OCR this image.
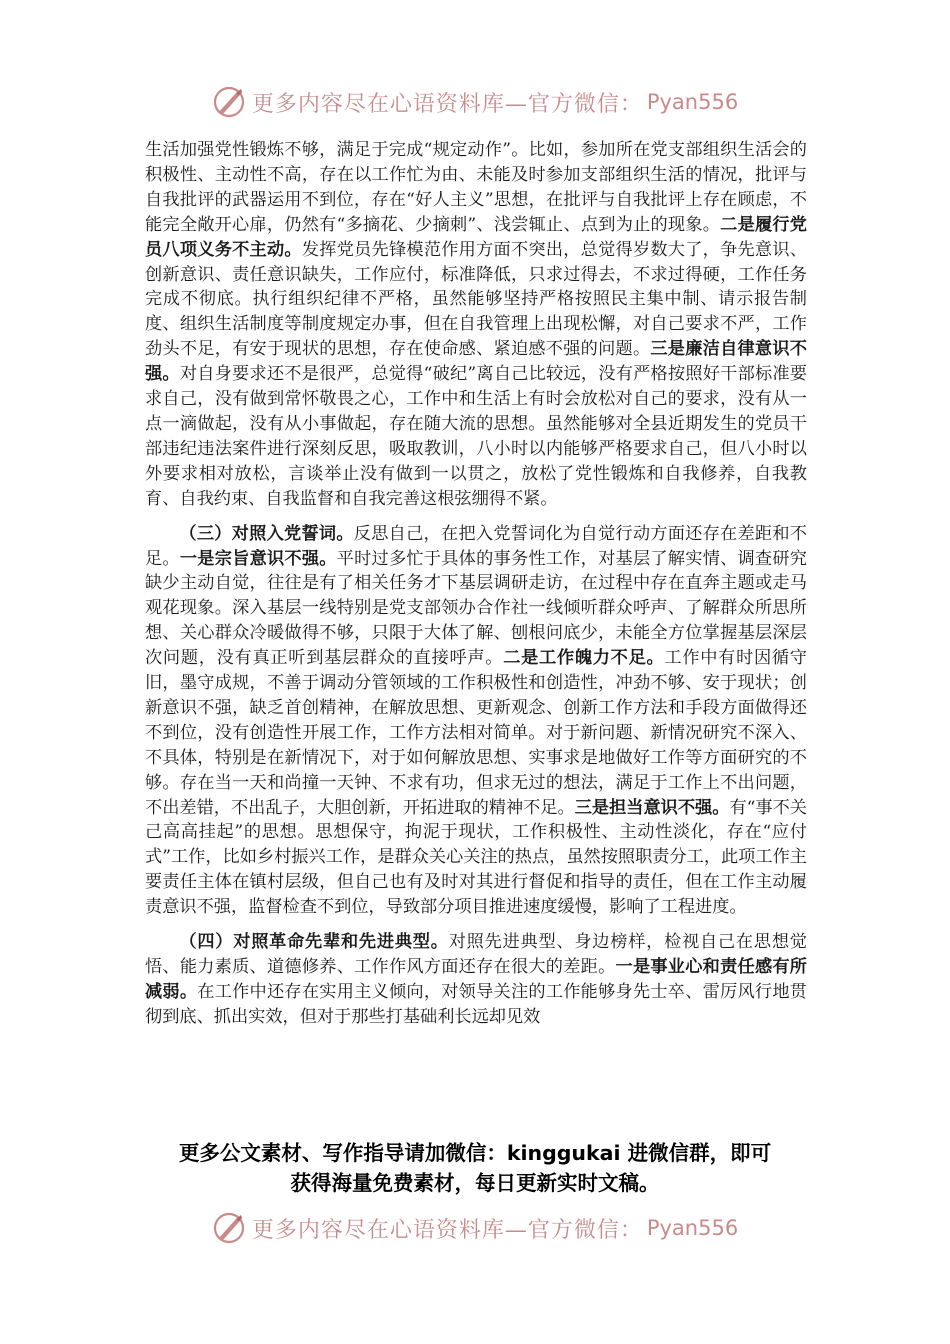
更多内容尽在心语资料库—官方微信： Pyan556

生活加强党性锻炼不够，满足于完成“规定动作”。比如，参加所在党支部组织生活会的积极性、主动性不高，存在以工作忙为由、未能及时参加支部组织生活的情况，批评与自我批评的武器运用不到位，存在“好人主义”思想，在批评与自我批评上存在顾虑，不能完全敞开心扉，仍然有“多摘花、少摘刺”、浅尝辄止、点到为止的现象。二是履行党员八项义务不主动。发挥党员先锋模范作用方面不突出，总觉得岁数大了，争先意识、创新意识、责任意识缺失，工作应付，标准降低，只求过得去，不求过得硬，工作任务完成不彻底。执行组织纪律不严格，虽然能够坚持严格按照民主集中制、请示报告制度、组织生活制度等制度规定办事，但在自我管理上出现松懈，对自己要求不严，工作劲头不足，有安于现状的思想，存在使命感、紧迫感不强的问题。三是廉洁自律意识不强。对自身要求还不是很严，总觉得“破纪”离自己比较远，没有严格按照好干部标准要求自己，没有做到常怀敬畏之心，工作中和生活上有时会放松对自己的要求，没有从一点一滴做起，没有从小事做起，存在随大流的思想。虽然能够对全县近期发生的党员干部违纪违法案件进行深刻反思，吸取教训，八小时以内能够严格要求自己，但八小时以外要求相对放松，言谈举止没有做到一以贯之，放松了党性锻炼和自我修养，自我教育、自我约束、自我监督和自我完善这根弦绷得不紧。

（三）对照入党誓词。反思自己，在把入党誓词化为自觉行动方面还存在差距和不足。一是宗旨意识不强。平时过多忙于具体的事务性工作，对基层了解实情、调查研究缺少主动自觉，往往是有了相关任务才下基层调研走访，在过程中存在直奔主题或走马观花现象。深入基层一线特别是党支部领办合作社一线倾听群众呼声、了解群众所思所想、关心群众冷暖做得不够，只限于大体了解、刨根问底少，未能全方位掌握基层深层次问题，没有真正听到基层群众的直接呼声。二是工作魄力不足。工作中有时因循守旧，墨守成规，不善于调动分管领域的工作积极性和创造性，冲劲不够、安于现状；创新意识不强，缺乏首创精神，在解放思想、更新观念、创新工作方法和手段方面做得还不到位，没有创造性开展工作，工作方法相对简单。对于新问题、新情况研究不深入、不具体，特别是在新情况下，对于如何解放思想、实事求是地做好工作等方面研究的不够。存在当一天和尚撞一天钟、不求有功，但求无过的想法，满足于工作上不出问题，不出差错，不出乱子，大胆创新，开拓进取的精神不足。三是担当意识不强。有“事不关己高高挂起”的思想。思想保守，拘泥于现状，工作积极性、主动性淡化，存在“应付式”工作，比如乡村振兴工作，是群众关心关注的热点，虽然按照职责分工，此项工作主要责任主体在镇村层级，但自己也有及时对其进行督促和指导的责任，但在工作主动履责意识不强，监督检查不到位，导致部分项目推进速度缓慢，影响了工程进度。

（四）对照革命先辈和先进典型。对照先进典型、身边榜样，检视自己在思想觉悟、能力素质、道德修养、工作作风方面还存在很大的差距。一是事业心和责任感有所减弱。在工作中还存在实用主义倾向，对领导关注的工作能够身先士卒、雷厉风行地贯彻到底、抓出实效，但对于那些打基础利长远却见效

更多公文素材、写作指导请加微信：kinggukai 进微信群，即可
获得海量免费素材，每日更新实时文稿。
更多内容尽在心语资料库—官方微信： Pyan556
